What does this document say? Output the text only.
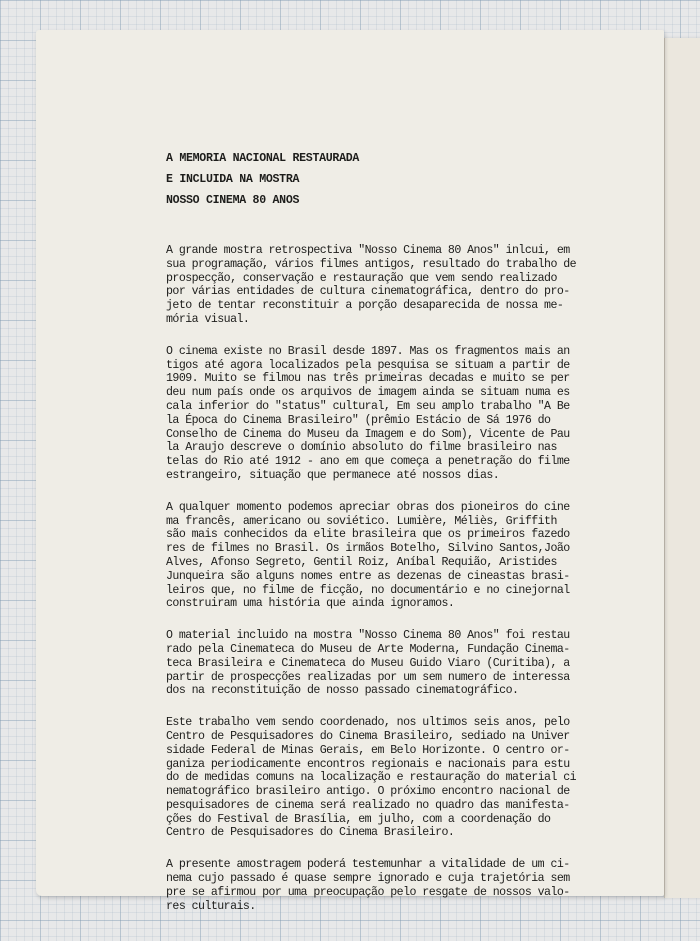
A MEMORIA NACIONAL RESTAURADA
E INCLUIDA NA MOSTRA
NOSSO CINEMA 80 ANOS
A grande mostra retrospectiva "Nosso Cinema 80 Anos" inlcui, em
sua programação, vários filmes antigos, resultado do trabalho de
prospecção, conservação e restauração que vem sendo realizado
por várias entidades de cultura cinematográfica, dentro do pro-
jeto de tentar reconstituir a porção desaparecida de nossa me-
mória visual.
O cinema existe no Brasil desde 1897. Mas os fragmentos mais an
tigos até agora localizados pela pesquisa se situam a partir de
1909. Muito se filmou nas três primeiras decadas e muito se per
deu num país onde os arquivos de imagem ainda se situam numa es
cala inferior do "status" cultural, Em seu amplo trabalho "A Be
la Época do Cinema Brasileiro" (prêmio Estácio de Sá 1976 do
Conselho de Cinema do Museu da Imagem e do Som), Vicente de Pau
la Araujo descreve o domínio absoluto do filme brasileiro nas
telas do Rio até 1912 - ano em que começa a penetração do filme
estrangeiro, situação que permanece até nossos dias.
A qualquer momento podemos apreciar obras dos pioneiros do cine
ma francês, americano ou soviético. Lumière, Méliès, Griffith
são mais conhecidos da elite brasileira que os primeiros fazedo
res de filmes no Brasil. Os irmãos Botelho, Silvino Santos,João
Alves, Afonso Segreto, Gentil Roiz, Aníbal Requião, Aristides
Junqueira são alguns nomes entre as dezenas de cineastas brasi-
leiros que, no filme de ficção, no documentário e no cinejornal
construiram uma história que ainda ignoramos.
O material incluido na mostra "Nosso Cinema 80 Anos" foi restau
rado pela Cinemateca do Museu de Arte Moderna, Fundação Cinema-
teca Brasileira e Cinemateca do Museu Guido Viaro (Curitiba), a
partir de prospecções realizadas por um sem numero de interessa
dos na reconstituição de nosso passado cinematográfico.
Este trabalho vem sendo coordenado, nos ultimos seis anos, pelo
Centro de Pesquisadores do Cinema Brasileiro, sediado na Univer
sidade Federal de Minas Gerais, em Belo Horizonte. O centro or-
ganiza periodicamente encontros regionais e nacionais para estu
do de medidas comuns na localização e restauração do material ci
nematográfico brasileiro antigo. O próximo encontro nacional de
pesquisadores de cinema será realizado no quadro das manifesta-
ções do Festival de Brasília, em julho, com a coordenação do
Centro de Pesquisadores do Cinema Brasileiro.
A presente amostragem poderá testemunhar a vitalidade de um ci-
nema cujo passado é quase sempre ignorado e cuja trajetória sem
pre se afirmou por uma preocupação pelo resgate de nossos valo-
res culturais.
